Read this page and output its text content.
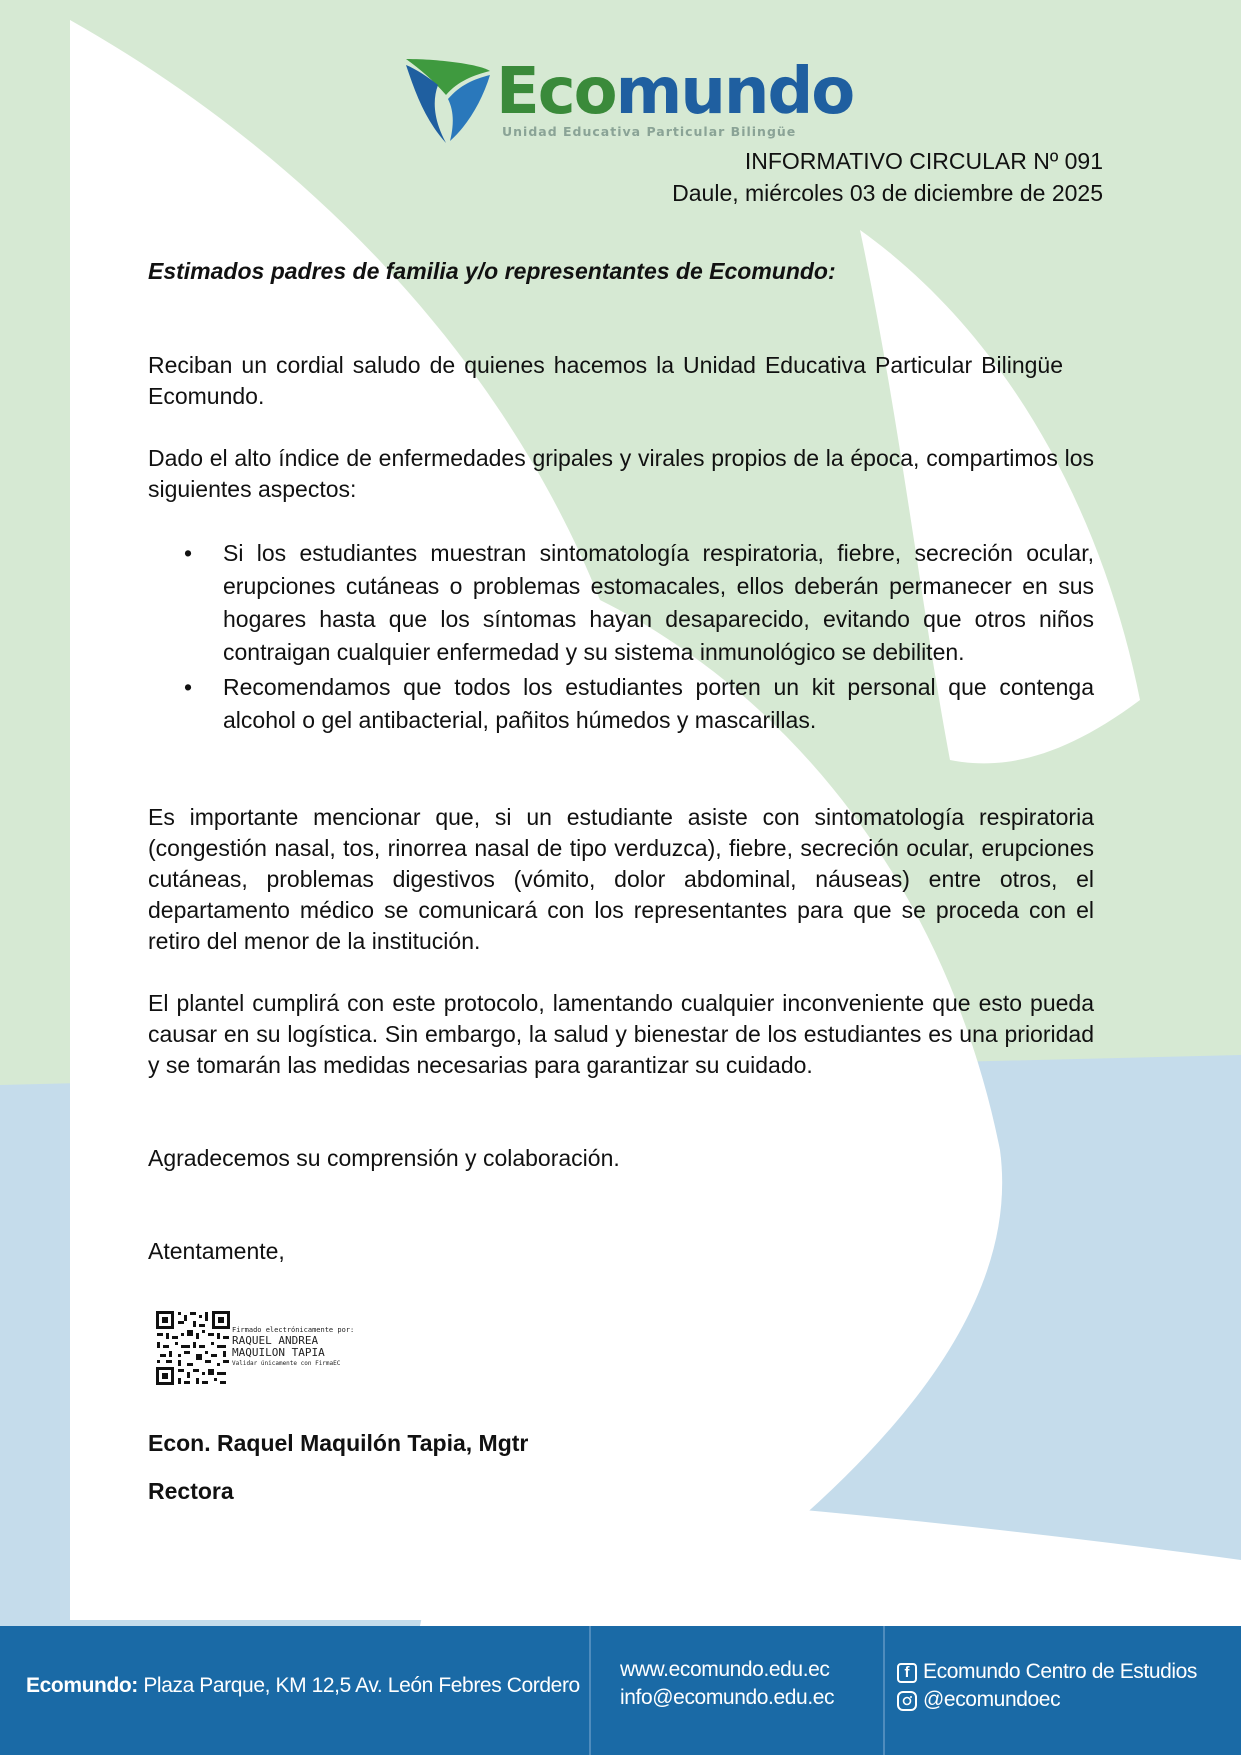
Ecomundo
Unidad Educativa Particular Bilingüe
INFORMATIVO CIRCULAR Nº 091
Daule, miércoles 03 de diciembre de 2025
Estimados padres de familia y/o representantes de Ecomundo:
Reciban un cordial saludo de quienes hacemos la Unidad Educativa Particular Bilingüe Ecomundo.
Dado el alto índice de enfermedades gripales y virales propios de la época, compartimos los siguientes aspectos:
• Si los estudiantes muestran sintomatología respiratoria, fiebre, secreción ocular, erupciones cutáneas o problemas estomacales, ellos deberán permanecer en sus hogares hasta que los síntomas hayan desaparecido, evitando que otros niños contraigan cualquier enfermedad y su sistema inmunológico se debiliten.
• Recomendamos que todos los estudiantes porten un kit personal que contenga alcohol o gel antibacterial, pañitos húmedos y mascarillas.
Es importante mencionar que, si un estudiante asiste con sintomatología respiratoria (congestión nasal, tos, rinorrea nasal de tipo verduzca), fiebre, secreción ocular, erupciones cutáneas, problemas digestivos (vómito, dolor abdominal, náuseas) entre otros, el departamento médico se comunicará con los representantes para que se proceda con el retiro del menor de la institución.
El plantel cumplirá con este protocolo, lamentando cualquier inconveniente que esto pueda causar en su logística. Sin embargo, la salud y bienestar de los estudiantes es una prioridad y se tomarán las medidas necesarias para garantizar su cuidado.
Agradecemos su comprensión y colaboración.
Atentamente,
Firmado electrónicamente por:
RAQUEL ANDREA
MAQUILON TAPIA
Validar únicamente con FirmaEC
Econ. Raquel Maquilón Tapia, Mgtr
Rectora
Ecomundo: Plaza Parque, KM 12,5 Av. León Febres Cordero
www.ecomundo.edu.ec
info@ecomundo.edu.ec
f Ecomundo Centro de Estudios
@ecomundoec
